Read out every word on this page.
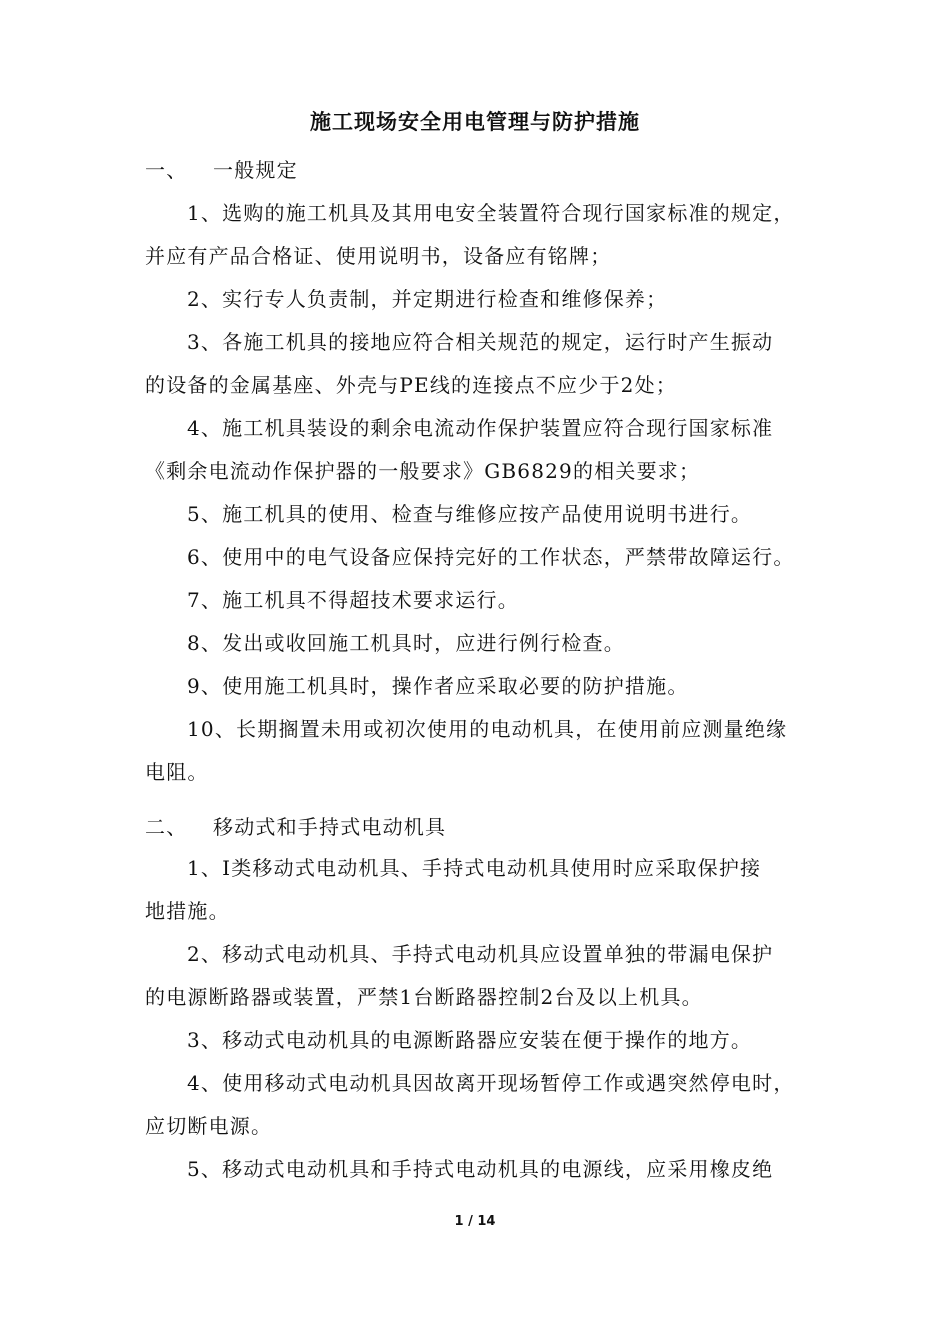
施工现场安全用电管理与防护措施
一、 一般规定
1、选购的施工机具及其用电安全装置符合现行国家标准的规定，
并应有产品合格证、使用说明书，设备应有铭牌；
2、实行专人负责制，并定期进行检查和维修保养；
3、各施工机具的接地应符合相关规范的规定，运行时产生振动
的设备的金属基座、外壳与PE线的连接点不应少于2处；
4、施工机具装设的剩余电流动作保护装置应符合现行国家标准
《剩余电流动作保护器的一般要求》GB6829的相关要求；
5、施工机具的使用、检查与维修应按产品使用说明书进行。
6、使用中的电气设备应保持完好的工作状态，严禁带故障运行。
7、施工机具不得超技术要求运行。
8、发出或收回施工机具时，应进行例行检查。
9、使用施工机具时，操作者应采取必要的防护措施。
10、长期搁置未用或初次使用的电动机具，在使用前应测量绝缘
电阻。
二、 移动式和手持式电动机具
1、Ⅰ类移动式电动机具、手持式电动机具使用时应采取保护接
地措施。
2、移动式电动机具、手持式电动机具应设置单独的带漏电保护
的电源断路器或装置，严禁1台断路器控制2台及以上机具。
3、移动式电动机具的电源断路器应安装在便于操作的地方。
4、使用移动式电动机具因故离开现场暂停工作或遇突然停电时，
应切断电源。
5、移动式电动机具和手持式电动机具的电源线，应采用橡皮绝
1 / 14
